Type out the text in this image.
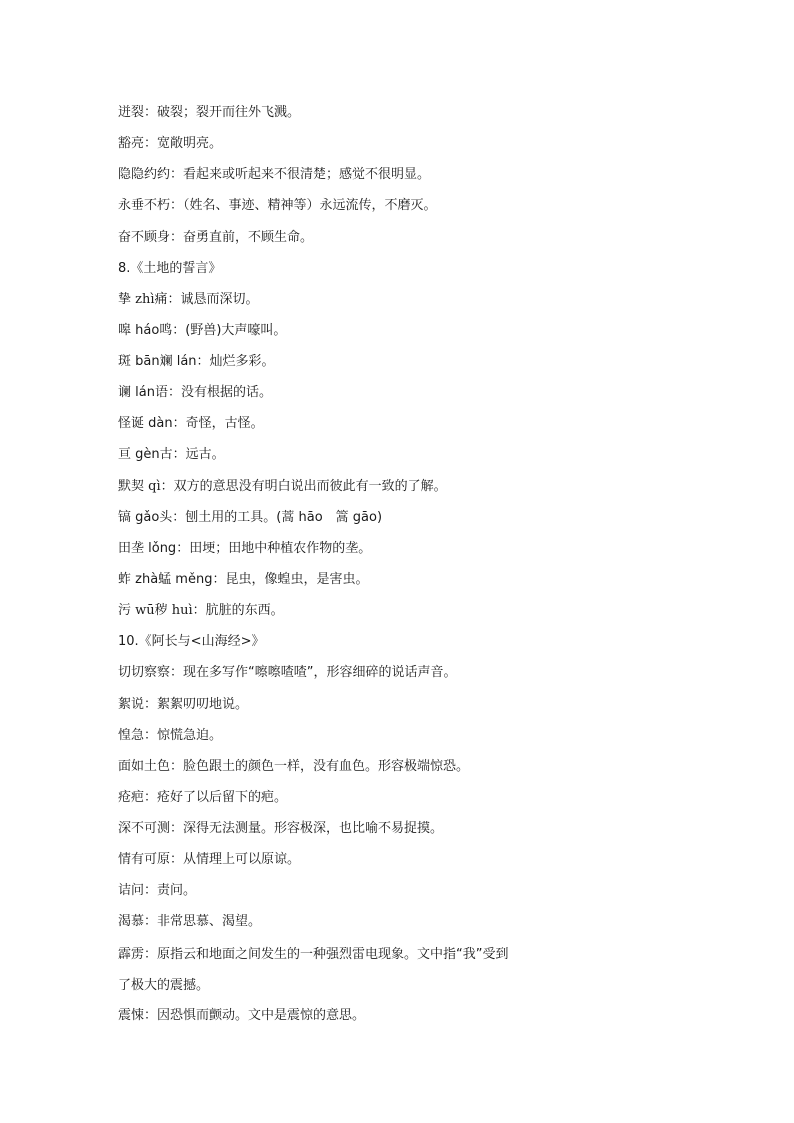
迸裂：破裂；裂开而往外飞溅。
豁亮：宽敞明亮。
隐隐约约：看起来或听起来不很清楚；感觉不很明显。
永垂不朽：（姓名、事迹、精神等）永远流传，不磨灭。
奋不顾身：奋勇直前，不顾生命。
8.《土地的誓言》
挚 zhì痛：诚恳而深切。
嗥 háo鸣：(野兽)大声嚎叫。
斑 bān斓 lán：灿烂多彩。
谰 lán语：没有根据的话。
怪诞 dàn：奇怪，古怪。
亘 gèn古：远古。
默契 qì：双方的意思没有明白说出而彼此有一致的了解。
镐 gǎo头：刨土用的工具。(蒿 hāo　篙 gāo)
田垄 lǒng：田埂；田地中种植农作物的垄。
蚱 zhà蜢 měng：昆虫，像蝗虫，是害虫。
污 wū秽 huì：肮脏的东西。
10.《阿长与<山海经>》
切切察察：现在多写作“嚓嚓喳喳”，形容细碎的说话声音。
絮说：絮絮叨叨地说。
惶急：惊慌急迫。
面如土色：脸色跟土的颜色一样，没有血色。形容极端惊恐。
疮疤：疮好了以后留下的疤。
深不可测：深得无法测量。形容极深，也比喻不易捉摸。
情有可原：从情理上可以原谅。
诘问：责问。
渴慕：非常思慕、渴望。
霹雳：原指云和地面之间发生的一种强烈雷电现象。文中指“我”受到了极大的震撼。
震悚：因恐惧而颤动。文中是震惊的意思。
